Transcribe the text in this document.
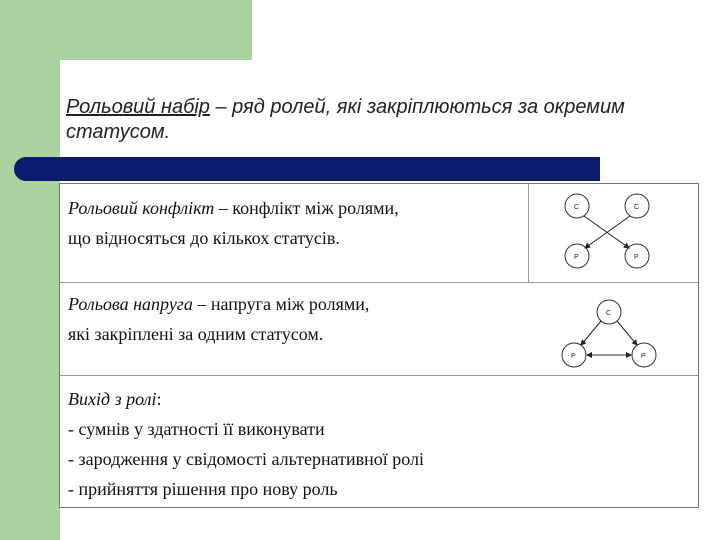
Рольовий набір – ряд ролей, які закріплюються за окремим статусом.
Рольовий конфлікт – конфлікт між ролями,
що відносяться до кількох статусів.
С	С
Р	Р
Рольова напруга – напруга між ролями,
які закріплені за одним статусом.
С
Р	Р
Вихід з ролі:
- сумнів у здатності її виконувати
- зародження у свідомості альтернативної ролі
- прийняття рішення про нову роль
